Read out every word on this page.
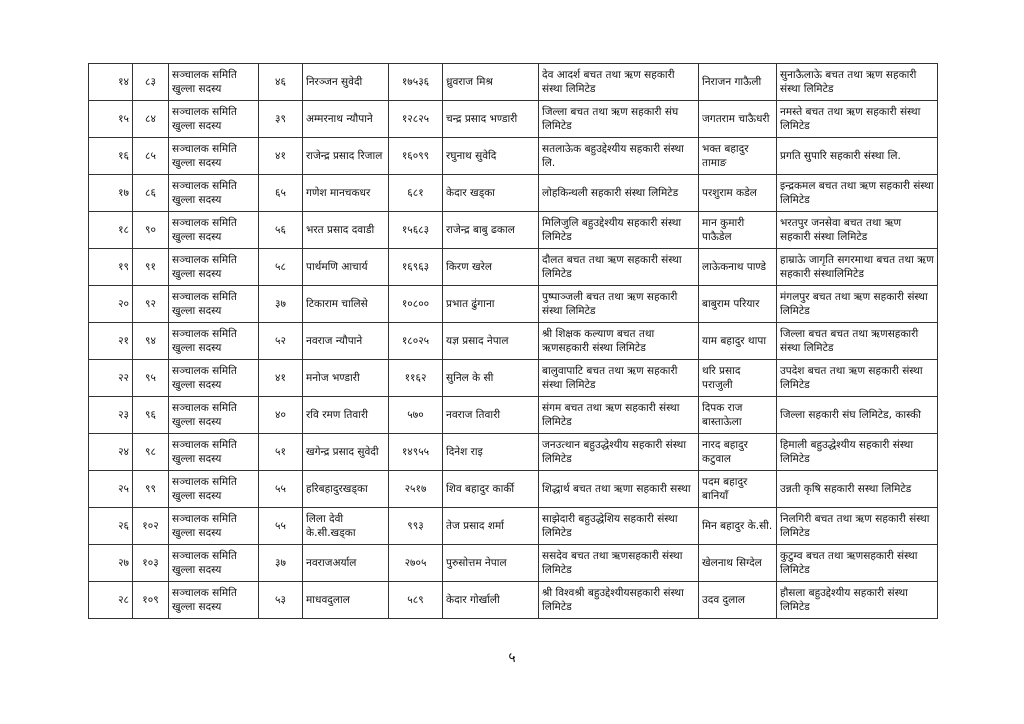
१४	८३	सञ्चालक समिति खुल्ला सदस्य	४६	निरञ्जन सुवेदी	१७५३६	ध्रुवराज मिश्र	देव आदर्श बचत तथा ऋण सहकारी संस्था लिमिटेड	निराजन गाऊैली	सुनाऊैलाऊे बचत तथा ऋण सहकारी संस्था लिमिटेड
१५	८४	सञ्चालक समिति खुल्ला सदस्य	३९	अम्मरनाथ न्यौपाने	१२८२५	चन्द्र प्रसाद भण्डारी	जिल्ला बचत तथा ऋण सहकारी संघ लिमिटेड	जगतराम चाऊैधरी	नमस्ते बचत तथा ऋण सहकारी संस्था लिमिटेड
१६	८५	सञ्चालक समिति खुल्ला सदस्य	४१	राजेन्द्र प्रसाद रिजाल	१६०९९	रघुनाथ सुवेदि	सतलाऊेक बहुउद्देश्यीय सहकारी संस्था लि.	भक्त बहादुर तामाङ	प्रगति सुपारि सहकारी संस्था लि.
१७	८६	सञ्चालक समिति खुल्ला सदस्य	६५	गणेश मानचकधर	६८१	केदार खड्का	लोहकिन्थली सहकारी संस्था लिमिटेड	परशुराम कडेल	इन्द्रकमल बचत तथा ऋण सहकारी संस्था लिमिटेड
१८	९०	सञ्चालक समिति खुल्ला सदस्य	५६	भरत प्रसाद दवाडी	१५६८३	राजेन्द्र बाबु ढकाल	मिलिजुलि बहुउद्देश्यीय सहकारी संस्था लिमिटेड	मान कुमारी पाऊैडेल	भरतपुर जनसेवा बचत तथा ऋण सहकारी संस्था लिमिटेड
१९	९१	सञ्चालक समिति खुल्ला सदस्य	५८	पार्थमणि आचार्य	१६९६३	किरण खरेल	दाैलत बचत तथा ऋण सहकारी संस्था लिमिटेड	लाऊेकनाथ पाण्डे	हाम्राऊे जागृति सगरमाथा बचत तथा ऋण सहकारी संस्थालिमिटेड
२०	९२	सञ्चालक समिति खुल्ला सदस्य	३७	टिकाराम चालिसे	१०८००	प्रभात ढुंगाना	पुष्पाञ्जली बचत तथा ऋण सहकारी संस्था लिमिटेड	बाबुराम परियार	मंगलपुर बचत तथा ऋण सहकारी संस्था लिमिटेड
२१	९४	सञ्चालक समिति खुल्ला सदस्य	५२	नवराज न्यौपाने	१८०२५	यज्ञ प्रसाद नेपाल	श्री शिक्षक कल्याण बचत तथा ऋणसहकारी संस्था लिमिटेड	याम बहादुर थापा	जिल्ला बचत बचत तथा ऋणसहकारी संस्था लिमिटेड
२२	९५	सञ्चालक समिति खुल्ला सदस्य	४१	मनोज भण्डारी	११६२	सुनिल के सी	बालुवापाटि बचत तथा ऋण सहकारी संस्था लिमिटेड	थरि प्रसाद पराजुली	उपदेश बचत तथा ऋण सहकारी संस्था लिमिटेड
२३	९६	सञ्चालक समिति खुल्ला सदस्य	४०	रवि रमण तिवारी	५७०	नवराज तिवारी	संगम बचत तथा ऋण सहकारी संस्था लिमिटेड	दिपक राज बास्ताऊेला	जिल्ला सहकारी संघ लिमिटेड, कास्की
२४	९८	सञ्चालक समिति खुल्ला सदस्य	५१	खगेन्द्र प्रसाद सुवेदी	१४९५५	दिनेश राइ	जनउत्थान बहुउद्धेश्यीय सहकारी संस्था लिमिटेड	नारद बहादुर कटुवाल	हिमाली बहुउद्धेश्यीय सहकारी संस्था लिमिटेड
२५	९९	सञ्चालक समिति खुल्ला सदस्य	५५	हरिबहादुरखड्का	२५१७	शिव बहादुर कार्की	शिद्धार्थ बचत तथा ऋणा सहकारी सस्था	पदम बहादुर बानियाँ	उन्नती कृषि सहकारी सस्था लिमिटेड
२६	१०२	सञ्चालक समिति खुल्ला सदस्य	५५	लिला देवी के.सी.खड्का	९९३	तेज प्रसाद शर्मा	साझेदारी बहुउद्धेशिय सहकारी संस्था लिमिटेड	मिन बहादुर के.सी.	निलगिरी बचत तथा ऋण सहकारी संस्था लिमिटेड
२७	१०३	सञ्चालक समिति खुल्ला सदस्य	३७	नवराजअर्याल	२७०५	पुरुसोत्तम नेपाल	ससदेव बचत तथा ऋणसहकारी संस्था लिमिटेड	खेलनाथ सिग्देल	कुटुम्व बचत तथा ऋणसहकारी संस्था लिमिटेड
२८	१०९	सञ्चालक समिति खुल्ला सदस्य	५३	माधवदुलाल	५८९	केदार गोर्खाली	श्री विश्वश्री बहुउद्देश्यीयसहकारी संस्था लिमिटेड	उदव दुलाल	हौसला बहुउद्देश्यीय सहकारी संस्था लिमिटेड
५
